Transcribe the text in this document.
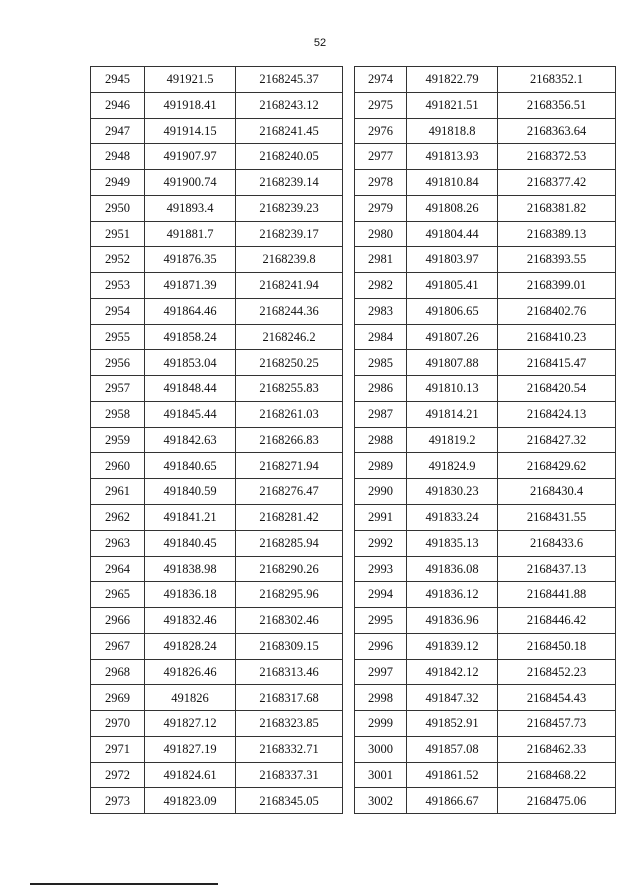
52
2945	491921.5	2168245.37
2946	491918.41	2168243.12
2947	491914.15	2168241.45
2948	491907.97	2168240.05
2949	491900.74	2168239.14
2950	491893.4	2168239.23
2951	491881.7	2168239.17
2952	491876.35	2168239.8
2953	491871.39	2168241.94
2954	491864.46	2168244.36
2955	491858.24	2168246.2
2956	491853.04	2168250.25
2957	491848.44	2168255.83
2958	491845.44	2168261.03
2959	491842.63	2168266.83
2960	491840.65	2168271.94
2961	491840.59	2168276.47
2962	491841.21	2168281.42
2963	491840.45	2168285.94
2964	491838.98	2168290.26
2965	491836.18	2168295.96
2966	491832.46	2168302.46
2967	491828.24	2168309.15
2968	491826.46	2168313.46
2969	491826	2168317.68
2970	491827.12	2168323.85
2971	491827.19	2168332.71
2972	491824.61	2168337.31
2973	491823.09	2168345.05
2974	491822.79	2168352.1
2975	491821.51	2168356.51
2976	491818.8	2168363.64
2977	491813.93	2168372.53
2978	491810.84	2168377.42
2979	491808.26	2168381.82
2980	491804.44	2168389.13
2981	491803.97	2168393.55
2982	491805.41	2168399.01
2983	491806.65	2168402.76
2984	491807.26	2168410.23
2985	491807.88	2168415.47
2986	491810.13	2168420.54
2987	491814.21	2168424.13
2988	491819.2	2168427.32
2989	491824.9	2168429.62
2990	491830.23	2168430.4
2991	491833.24	2168431.55
2992	491835.13	2168433.6
2993	491836.08	2168437.13
2994	491836.12	2168441.88
2995	491836.96	2168446.42
2996	491839.12	2168450.18
2997	491842.12	2168452.23
2998	491847.32	2168454.43
2999	491852.91	2168457.73
3000	491857.08	2168462.33
3001	491861.52	2168468.22
3002	491866.67	2168475.06
